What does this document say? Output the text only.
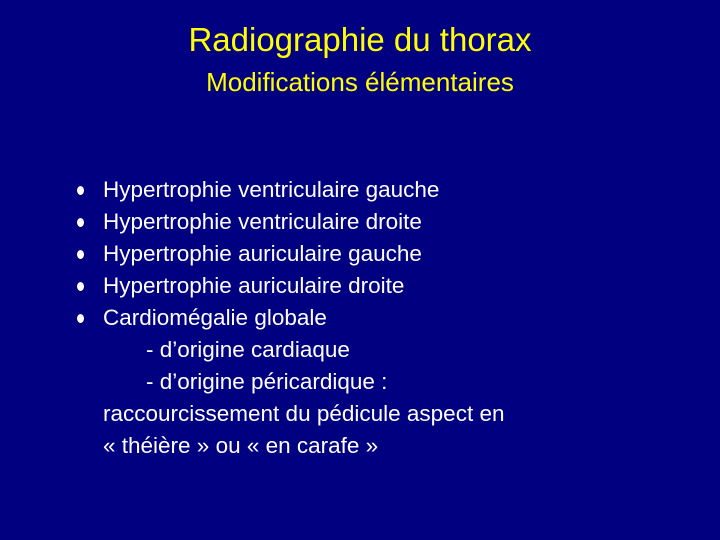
Radiographie du thorax
Modifications élémentaires
Hypertrophie ventriculaire gauche
Hypertrophie ventriculaire droite
Hypertrophie auriculaire gauche
Hypertrophie auriculaire droite
Cardiomégalie globale
- d’origine cardiaque
- d’origine péricardique :
raccourcissement du pédicule aspect en
« théière » ou « en carafe »
